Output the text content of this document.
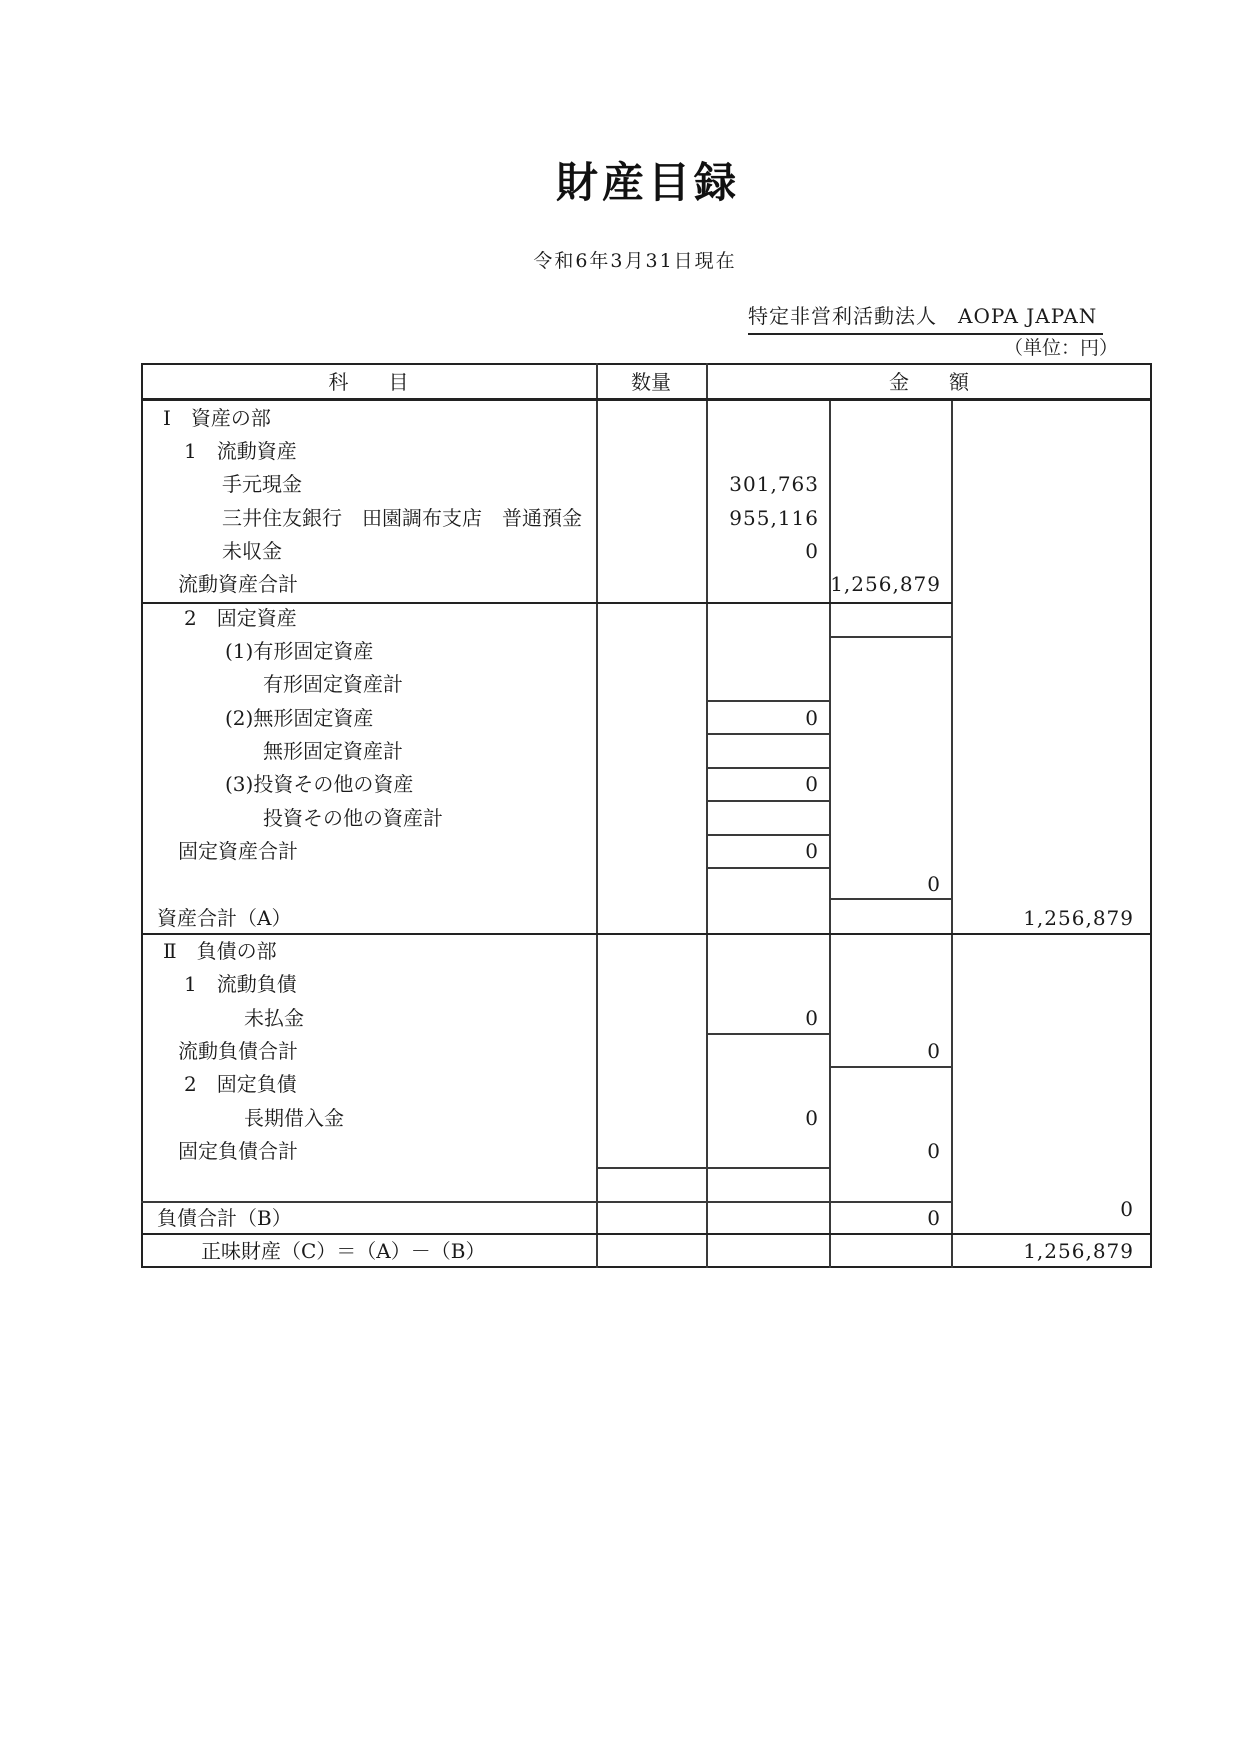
財産目録
令和6年3月31日現在
特定非営利活動法人　AOPA JAPAN
（単位：円）
科　　目	数量	金　　額
Ⅰ　資産の部
1　流動資産
手元現金
三井住友銀行　田園調布支店　普通預金
未収金
流動資産合計
2　固定資産
(1)有形固定資産
有形固定資産計
(2)無形固定資産
無形固定資産計
(3)投資その他の資産
投資その他の資産計
固定資産合計
資産合計（A）
Ⅱ　負債の部
1　流動負債
未払金
流動負債合計
2　固定負債
長期借入金
固定負債合計
負債合計（B）
正味財産（C）＝（A）－（B）
301,763
955,116
0
1,256,879
0
0
0
0
1,256,879
0
0
0
0
0
0
1,256,879
